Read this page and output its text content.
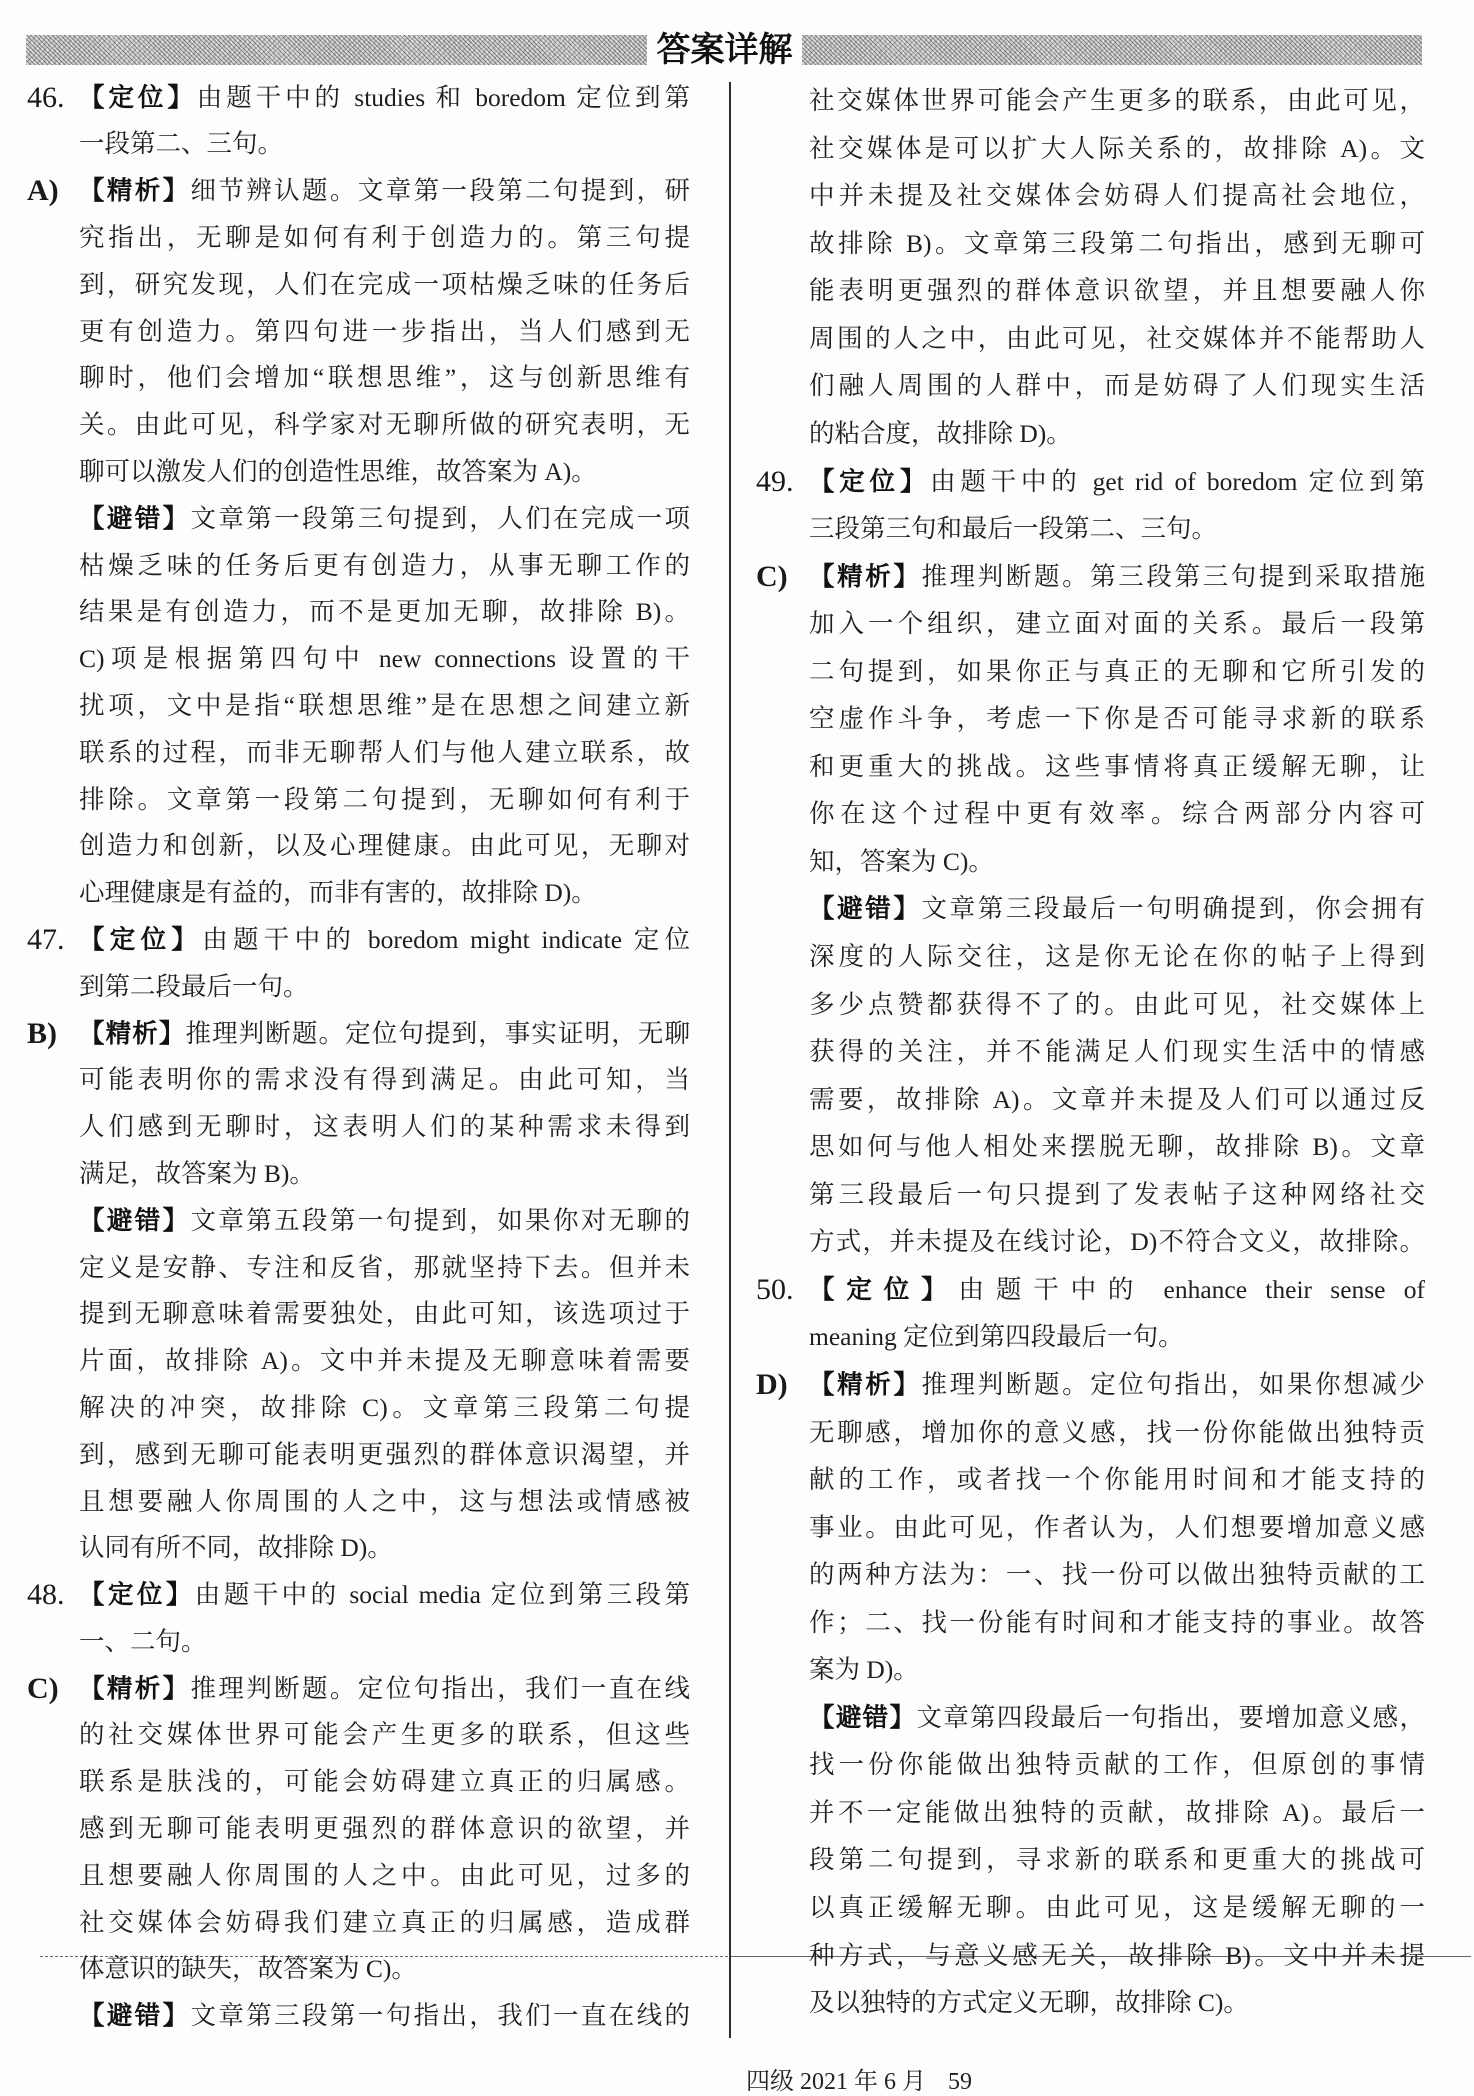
答案详解
46. 【定位】由题干中的 studies 和 boredom 定位到第
一段第二、三句。
A) 【精析】细节辨认题。文章第一段第二句提到，研
究指出，无聊是如何有利于创造力的。第三句提
到，研究发现，人们在完成一项枯燥乏味的任务后
更有创造力。第四句进一步指出，当人们感到无
聊时，他们会增加“联想思维”，这与创新思维有
关。由此可见，科学家对无聊所做的研究表明，无
聊可以激发人们的创造性思维，故答案为 A)。
【避错】文章第一段第三句提到，人们在完成一项
枯燥乏味的任务后更有创造力，从事无聊工作的
结果是有创造力，而不是更加无聊，故排除 B)。
C)项是根据第四句中 new connections 设置的干
扰项，文中是指“联想思维”是在思想之间建立新
联系的过程，而非无聊帮人们与他人建立联系，故
排除。文章第一段第二句提到，无聊如何有利于
创造力和创新，以及心理健康。由此可见，无聊对
心理健康是有益的，而非有害的，故排除 D)。
47. 【定位】由题干中的 boredom might indicate 定位
到第二段最后一句。
B) 【精析】推理判断题。定位句提到，事实证明，无聊
可能表明你的需求没有得到满足。由此可知，当
人们感到无聊时，这表明人们的某种需求未得到
满足，故答案为 B)。
【避错】文章第五段第一句提到，如果你对无聊的
定义是安静、专注和反省，那就坚持下去。但并未
提到无聊意味着需要独处，由此可知，该选项过于
片面，故排除 A)。文中并未提及无聊意味着需要
解决的冲突，故排除 C)。文章第三段第二句提
到，感到无聊可能表明更强烈的群体意识渴望，并
且想要融人你周围的人之中，这与想法或情感被
认同有所不同，故排除 D)。
48. 【定位】由题干中的 social media 定位到第三段第
一、二句。
C) 【精析】推理判断题。定位句指出，我们一直在线
的社交媒体世界可能会产生更多的联系，但这些
联系是肤浅的，可能会妨碍建立真正的归属感。
感到无聊可能表明更强烈的群体意识的欲望，并
且想要融人你周围的人之中。由此可见，过多的
社交媒体会妨碍我们建立真正的归属感，造成群
体意识的缺失，故答案为 C)。
【避错】文章第三段第一句指出，我们一直在线的
社交媒体世界可能会产生更多的联系，由此可见，
社交媒体是可以扩大人际关系的，故排除 A)。文
中并未提及社交媒体会妨碍人们提高社会地位，
故排除 B)。文章第三段第二句指出，感到无聊可
能表明更强烈的群体意识欲望，并且想要融人你
周围的人之中，由此可见，社交媒体并不能帮助人
们融人周围的人群中，而是妨碍了人们现实生活
的粘合度，故排除 D)。
49. 【定位】由题干中的 get rid of boredom 定位到第
三段第三句和最后一段第二、三句。
C) 【精析】推理判断题。第三段第三句提到采取措施
加入一个组织，建立面对面的关系。最后一段第
二句提到，如果你正与真正的无聊和它所引发的
空虚作斗争，考虑一下你是否可能寻求新的联系
和更重大的挑战。这些事情将真正缓解无聊，让
你在这个过程中更有效率。综合两部分内容可
知，答案为 C)。
【避错】文章第三段最后一句明确提到，你会拥有
深度的人际交往，这是你无论在你的帖子上得到
多少点赞都获得不了的。由此可见，社交媒体上
获得的关注，并不能满足人们现实生活中的情感
需要，故排除 A)。文章并未提及人们可以通过反
思如何与他人相处来摆脱无聊，故排除 B)。文章
第三段最后一句只提到了发表帖子这种网络社交
方式，并未提及在线讨论，D)不符合文义，故排除。
50. 【定位】由题干中的 enhance their sense of
meaning 定位到第四段最后一句。
D) 【精析】推理判断题。定位句指出，如果你想减少
无聊感，增加你的意义感，找一份你能做出独特贡
献的工作，或者找一个你能用时间和才能支持的
事业。由此可见，作者认为，人们想要增加意义感
的两种方法为：一、找一份可以做出独特贡献的工
作；二、找一份能有时间和才能支持的事业。故答
案为 D)。
【避错】文章第四段最后一句指出，要增加意义感，
找一份你能做出独特贡献的工作，但原创的事情
并不一定能做出独特的贡献，故排除 A)。最后一
段第二句提到，寻求新的联系和更重大的挑战可
以真正缓解无聊。由此可见，这是缓解无聊的一
种方式，与意义感无关，故排除 B)。文中并未提
及以独特的方式定义无聊，故排除 C)。
四级 2021 年 6 月 59
